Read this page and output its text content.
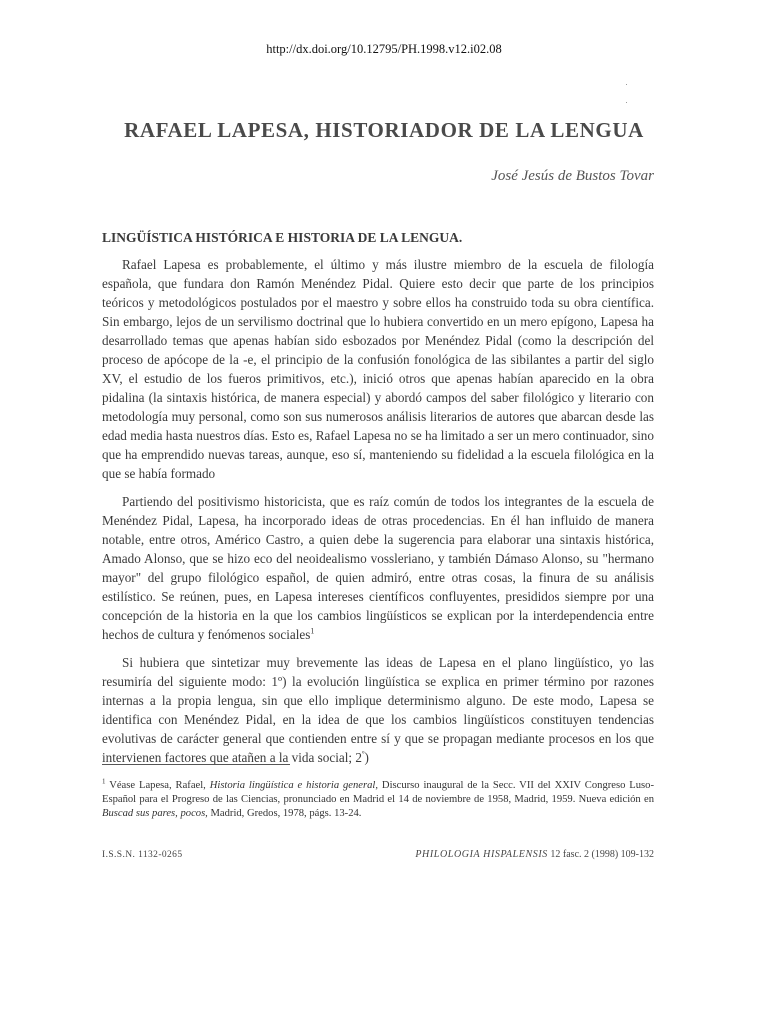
http://dx.doi.org/10.12795/PH.1998.v12.i02.08
RAFAEL LAPESA, HISTORIADOR DE LA LENGUA
José Jesús de Bustos Tovar
LINGÜÍSTICA HISTÓRICA E HISTORIA DE LA LENGUA.

Rafael Lapesa es probablemente, el último y más ilustre miembro de la escuela de filología española, que fundara don Ramón Menéndez Pidal. Quiere esto decir que parte de los principios teóricos y metodológicos postulados por el maestro y sobre ellos ha construido toda su obra científica. Sin embargo, lejos de un servilismo doctrinal que lo hubiera convertido en un mero epígono, Lapesa ha desarrollado temas que apenas habían sido esbozados por Menéndez Pidal (como la descripción del proceso de apócope de la -e, el principio de la confusión fonológica de las sibilantes a partir del siglo XV, el estudio de los fueros primitivos, etc.), inició otros que apenas habían aparecido en la obra pidalina (la sintaxis histórica, de manera especial) y abordó campos del saber filológico y literario con metodología muy personal, como son sus numerosos análisis literarios de autores que abarcan desde las edad media hasta nuestros días. Esto es, Rafael Lapesa no se ha limitado a ser un mero continuador, sino que ha emprendido nuevas tareas, aunque, eso sí, manteniendo su fidelidad a la escuela filológica en la que se había formado

Partiendo del positivismo historicista, que es raíz común de todos los integrantes de la escuela de Menéndez Pidal, Lapesa, ha incorporado ideas de otras procedencias. En él han influido de manera notable, entre otros, Américo Castro, a quien debe la sugerencia para elaborar una sintaxis histórica, Amado Alonso, que se hizo eco del neoidealismo vossleriano, y también Dámaso Alonso, su "hermano mayor" del grupo filológico español, de quien admiró, entre otras cosas, la finura de su análisis estilístico. Se reúnen, pues, en Lapesa intereses científicos confluyentes, presididos siempre por una concepción de la historia en la que los cambios lingüísticos se explican por la interdependencia entre hechos de cultura y fenómenos sociales$^1$

Si hubiera que sintetizar muy brevemente las ideas de Lapesa en el plano lingüístico, yo las resumiría del siguiente modo: 1º) la evolución lingüística se explica en primer término por razones internas a la propia lengua, sin que ello implique determinismo alguno. De este modo, Lapesa se identifica con Menéndez Pidal, en la idea de que los cambios lingüísticos constituyen tendencias evolutivas de carácter general que contienden entre sí y que se propagan mediante procesos en los que intervienen factores que atañen a la vida social; $2^º$)

$^1$ Véase Lapesa, Rafael, Historia lingüística e historia general, Discurso inaugural de la Secc. VII del XXIV Congreso Luso-Español para el Progreso de las Ciencias, pronunciado en Madrid el 14 de noviembre de 1958, Madrid, 1959. Nueva edición en Buscad sus pares, pocos, Madrid, Gredos, 1978, págs. 13-24.
I.S.S.N. 1132-0265	PHILOLOGIA HISPALENSIS 12 fasc. 2 (1998) 109-132
